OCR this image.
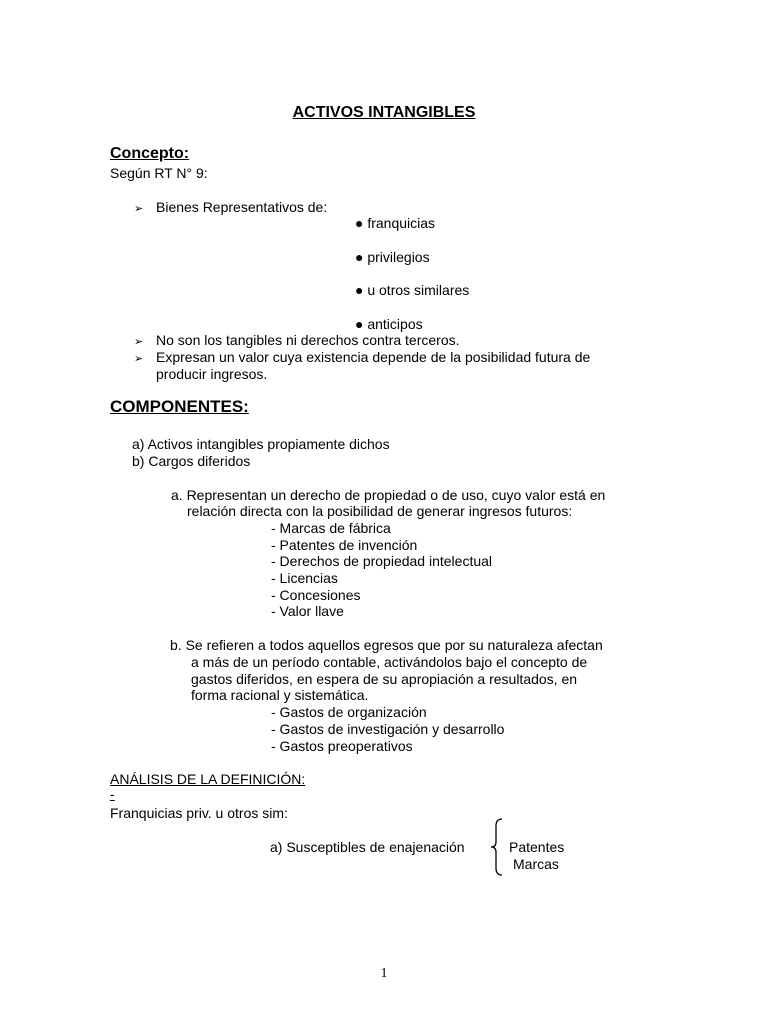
ACTIVOS INTANGIBLES
Concepto:
Según RT N° 9:
➢ Bienes Representativos de:
● franquicias
● privilegios
● u otros similares
● anticipos
➢ No son los tangibles ni derechos contra terceros.
➢ Expresan un valor cuya existencia depende de la posibilidad futura de
producir ingresos.
COMPONENTES:
a) Activos intangibles propiamente dichos
b) Cargos diferidos
a. Representan un derecho de propiedad o de uso, cuyo valor está en
relación directa con la posibilidad de generar ingresos futuros:
- Marcas de fábrica
- Patentes de invención
- Derechos de propiedad intelectual
- Licencias
- Concesiones
- Valor llave
b. Se refieren a todos aquellos egresos que por su naturaleza afectan
a más de un período contable, activándolos bajo el concepto de
gastos diferidos, en espera de su apropiación a resultados, en
forma racional y sistemática.
- Gastos de organización
- Gastos de investigación y desarrollo
- Gastos preoperativos
ANÁLISIS DE LA DEFINICIÓN:
-
Franquicias priv. u otros sim:
a) Susceptibles de enajenación	Patentes
Marcas
1
